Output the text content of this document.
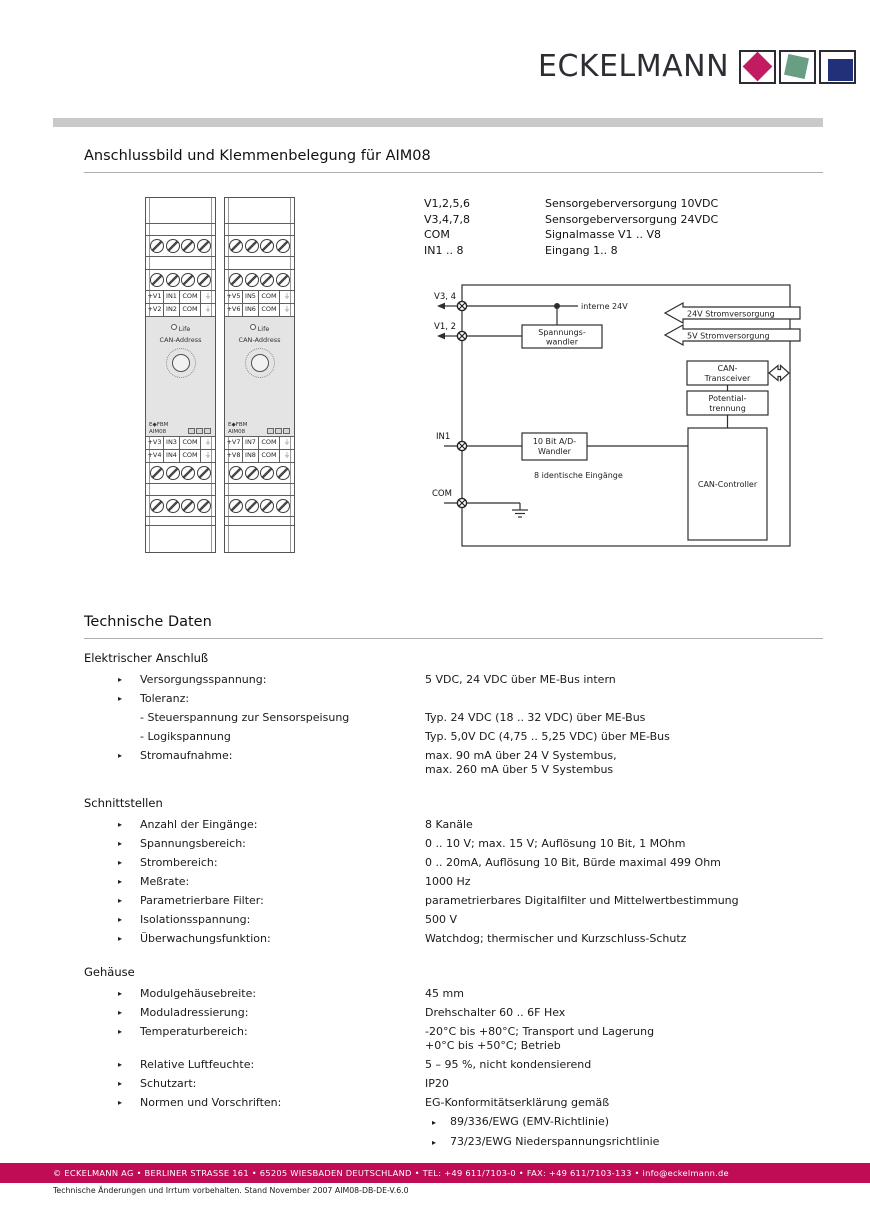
ECKELMANN
Anschlussbild und Klemmenbelegung für AIM08
+V1 IN1 COM	⏚
+V2 IN2 COM	⏚
Life
CAN-Address
E◆FBM
AIM08
+V3 IN3 COM	⏚
+V4 IN4 COM	⏚
+V5 IN5 COM	⏚
+V6 IN6 COM	⏚
Life
CAN-Address
E◆FBM
AIM08
+V7 IN7 COM	⏚
+V8 IN8 COM	⏚
V1,2,5,6	Sensorgeberversorgung 10VDC
V3,4,7,8	Sensorgeberversorgung 24VDC
COM	Signalmasse V1 .. V8
IN1 .. 8	Eingang 1.. 8
interne 24V
Spannungs-
wandler
V3, 4
V1, 2
24V Stromversorgung
5V Stromversorgung
CAN-
Transceiver
Potential-
trennung
CAN-Controller
IN1	10 Bit A/D-
Wandler
8 identische Eingänge
COM
Technische Daten
Elektrischer Anschluß
▸	Versorgungsspannung:	5 VDC, 24 VDC über ME-Bus intern
▸	Toleranz:
- Steuerspannung zur Sensorspeisung	Typ. 24 VDC (18 .. 32 VDC) über ME-Bus
- Logikspannung	Typ. 5,0V DC (4,75 .. 5,25 VDC) über ME-Bus
▸	Stromaufnahme:	max. 90 mA über 24 V Systembus,
max. 260 mA über 5 V Systembus
Schnittstellen
▸	Anzahl der Eingänge:	8 Kanäle
▸	Spannungsbereich:	0 .. 10 V; max. 15 V; Auflösung 10 Bit, 1 MOhm
▸	Strombereich:	0 .. 20mA, Auflösung 10 Bit, Bürde maximal 499 Ohm
▸	Meßrate:	1000 Hz
▸	Parametrierbare Filter:	parametrierbares Digitalfilter und Mittelwertbestimmung
▸	Isolationsspannung:	500 V
▸	Überwachungsfunktion:	Watchdog; thermischer und Kurzschluss-Schutz
Gehäuse
▸	Modulgehäusebreite:	45 mm
▸	Moduladressierung:	Drehschalter 60 .. 6F Hex
▸	Temperaturbereich:	-20°C bis +80°C; Transport und Lagerung
+0°C bis +50°C; Betrieb
▸	Relative Luftfeuchte:	5 – 95 %, nicht kondensierend
▸	Schutzart:	IP20
▸	Normen und Vorschriften:	EG-Konformitätserklärung gemäß
▸ 89/336/EWG (EMV-Richtlinie)
▸ 73/23/EWG Niederspannungsrichtlinie
© ECKELMANN AG • BERLINER STRASSE 161 • 65205 WIESBADEN DEUTSCHLAND • TEL: +49 611/7103-0 • FAX: +49 611/7103-133 • info@eckelmann.de
Technische Änderungen und Irrtum vorbehalten. Stand November 2007 AIM08-DB-DE-V.6.0
